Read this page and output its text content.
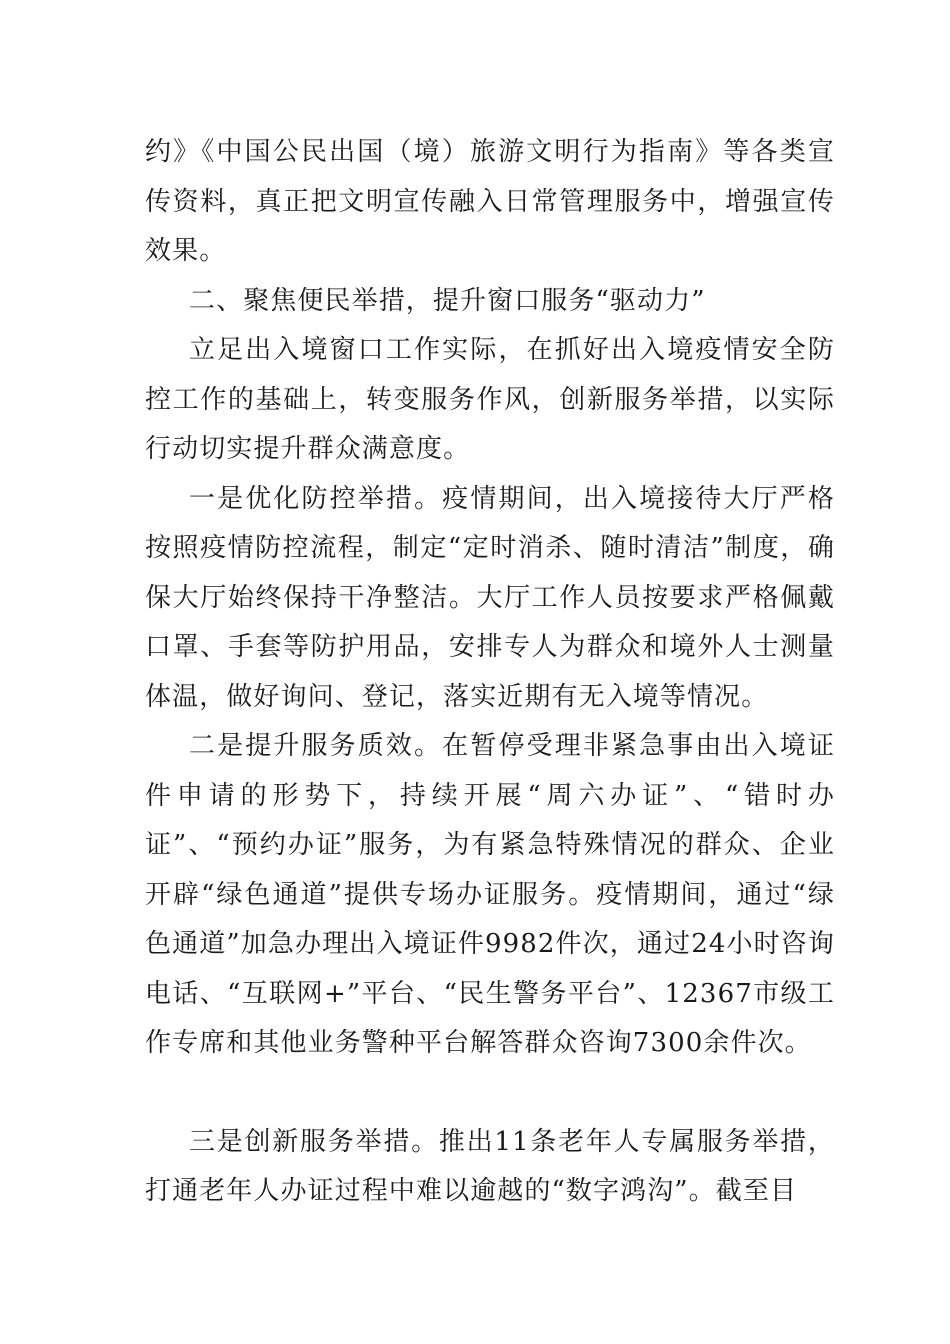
约》《中国公民出国（境）旅游文明行为指南》等各类宣传资料，真正把文明宣传融入日常管理服务中，增强宣传效果。

二、聚焦便民举措，提升窗口服务“驱动力”

立足出入境窗口工作实际，在抓好出入境疫情安全防控工作的基础上，转变服务作风，创新服务举措，以实际行动切实提升群众满意度。

一是优化防控举措。疫情期间，出入境接待大厅严格按照疫情防控流程，制定“定时消杀、随时清洁”制度，确保大厅始终保持干净整洁。大厅工作人员按要求严格佩戴口罩、手套等防护用品，安排专人为群众和境外人士测量体温，做好询问、登记，落实近期有无入境等情况。

二是提升服务质效。在暂停受理非紧急事由出入境证件申请的形势下，持续开展“周六办证”、“错时办证”、“预约办证”服务，为有紧急特殊情况的群众、企业开辟“绿色通道”提供专场办证服务。疫情期间，通过“绿色通道”加急办理出入境证件9982件次，通过24小时咨询电话、“互联网+”平台、“民生警务平台”、12367市级工作专席和其他业务警种平台解答群众咨询7300余件次。

三是创新服务举措。推出11条老年人专属服务举措，打通老年人办证过程中难以逾越的“数字鸿沟”。截至目
